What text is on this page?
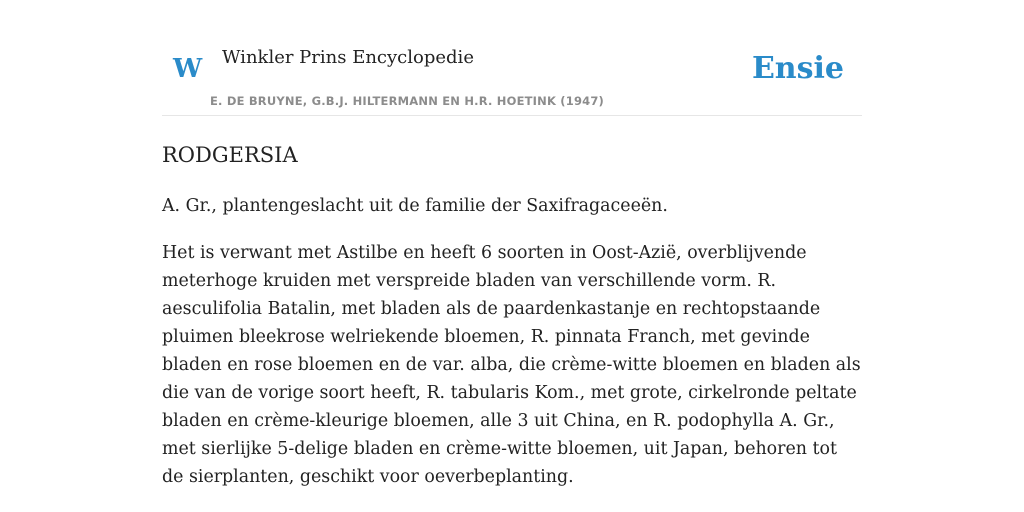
W Winkler Prins Encyclopedie
E. DE BRUYNE, G.B.J. HILTERMANN EN H.R. HOETINK (1947)
Ensie
RODGERSIA

A. Gr., plantengeslacht uit de familie der Saxifragaceeën.

Het is verwant met Astilbe en heeft 6 soorten in Oost-Azië, overblijvende meterhoge kruiden met verspreide bladen van verschillende vorm. R. aesculifolia Batalin, met bladen als de paardenkastanje en rechtopstaande pluimen bleekrose welriekende bloemen, R. pinnata Franch, met gevinde bladen en rose bloemen en de var. alba, die crème-witte bloemen en bladen als die van de vorige soort heeft, R. tabularis Kom., met grote, cirkelronde peltate bladen en crème-kleurige bloemen, alle 3 uit China, en R. podophylla A. Gr., met sierlijke 5-delige bladen en crème-witte bloemen, uit Japan, behoren tot de sierplanten, geschikt voor oeverbeplanting.
